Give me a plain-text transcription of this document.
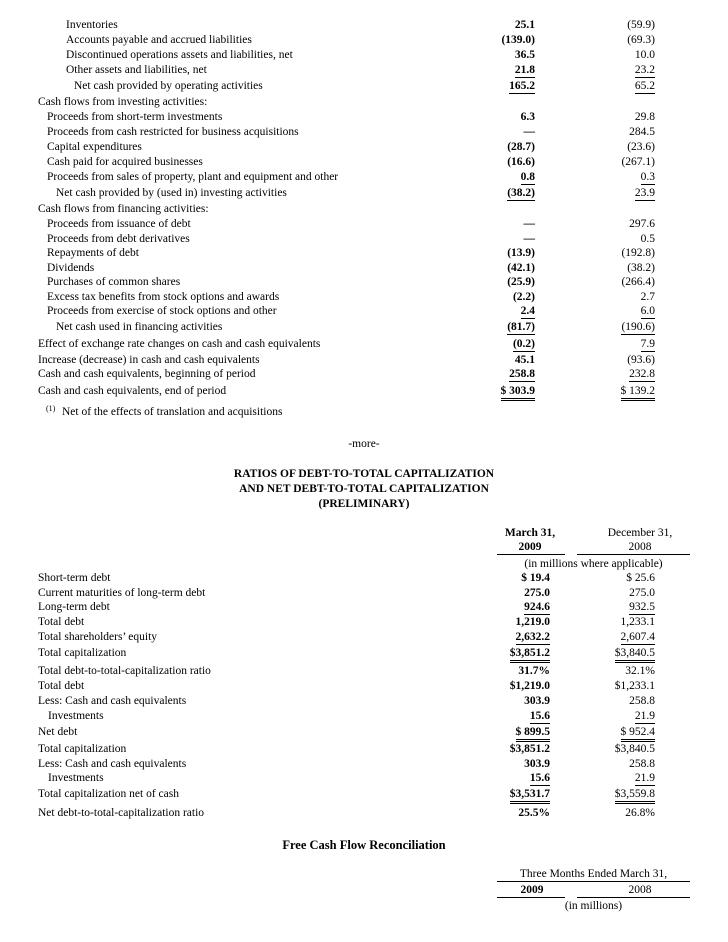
Inventories	25.1	(59.9)
Accounts payable and accrued liabilities	(139.0)	(69.3)
Discontinued operations assets and liabilities, net	36.5	10.0
Other assets and liabilities, net	21.8	23.2
Net cash provided by operating activities	165.2	65.2
Cash flows from investing activities:
Proceeds from short-term investments	6.3	29.8
Proceeds from cash restricted for business acquisitions	—	284.5
Capital expenditures	(28.7)	(23.6)
Cash paid for acquired businesses	(16.6)	(267.1)
Proceeds from sales of property, plant and equipment and other	0.8	0.3
Net cash provided by (used in) investing activities	(38.2)	23.9
Cash flows from financing activities:
Proceeds from issuance of debt	—	297.6
Proceeds from debt derivatives	—	0.5
Repayments of debt	(13.9)	(192.8)
Dividends	(42.1)	(38.2)
Purchases of common shares	(25.9)	(266.4)
Excess tax benefits from stock options and awards	(2.2)	2.7
Proceeds from exercise of stock options and other	2.4	6.0
Net cash used in financing activities	(81.7)	(190.6)
Effect of exchange rate changes on cash and cash equivalents	(0.2)	7.9
Increase (decrease) in cash and cash equivalents	45.1	(93.6)
Cash and cash equivalents, beginning of period	258.8	232.8
Cash and cash equivalents, end of period	$ 303.9	$ 139.2
$^{(1)}$ Net of the effects of translation and acquisitions
-more-
RATIOS OF DEBT-TO-TOTAL CAPITALIZATION
AND NET DEBT-TO-TOTAL CAPITALIZATION
(PRELIMINARY)
March 31,	December 31,
2009	2008
(in millions where applicable)
Short-term debt	$ 19.4	$ 25.6
Current maturities of long-term debt	275.0	275.0
Long-term debt	924.6	932.5
Total debt	1,219.0	1,233.1
Total shareholders’ equity	2,632.2	2,607.4
Total capitalization	$3,851.2	$3,840.5
Total debt-to-total-capitalization ratio	31.7%	32.1%
Total debt	$1,219.0	$1,233.1
Less: Cash and cash equivalents	303.9	258.8
Investments	15.6	21.9
Net debt	$ 899.5	$ 952.4
Total capitalization	$3,851.2	$3,840.5
Less: Cash and cash equivalents	303.9	258.8
Investments	15.6	21.9
Total capitalization net of cash	$3,531.7	$3,559.8
Net debt-to-total-capitalization ratio	25.5%	26.8%
Free Cash Flow Reconciliation
Three Months Ended March 31,
2009	2008
(in millions)
